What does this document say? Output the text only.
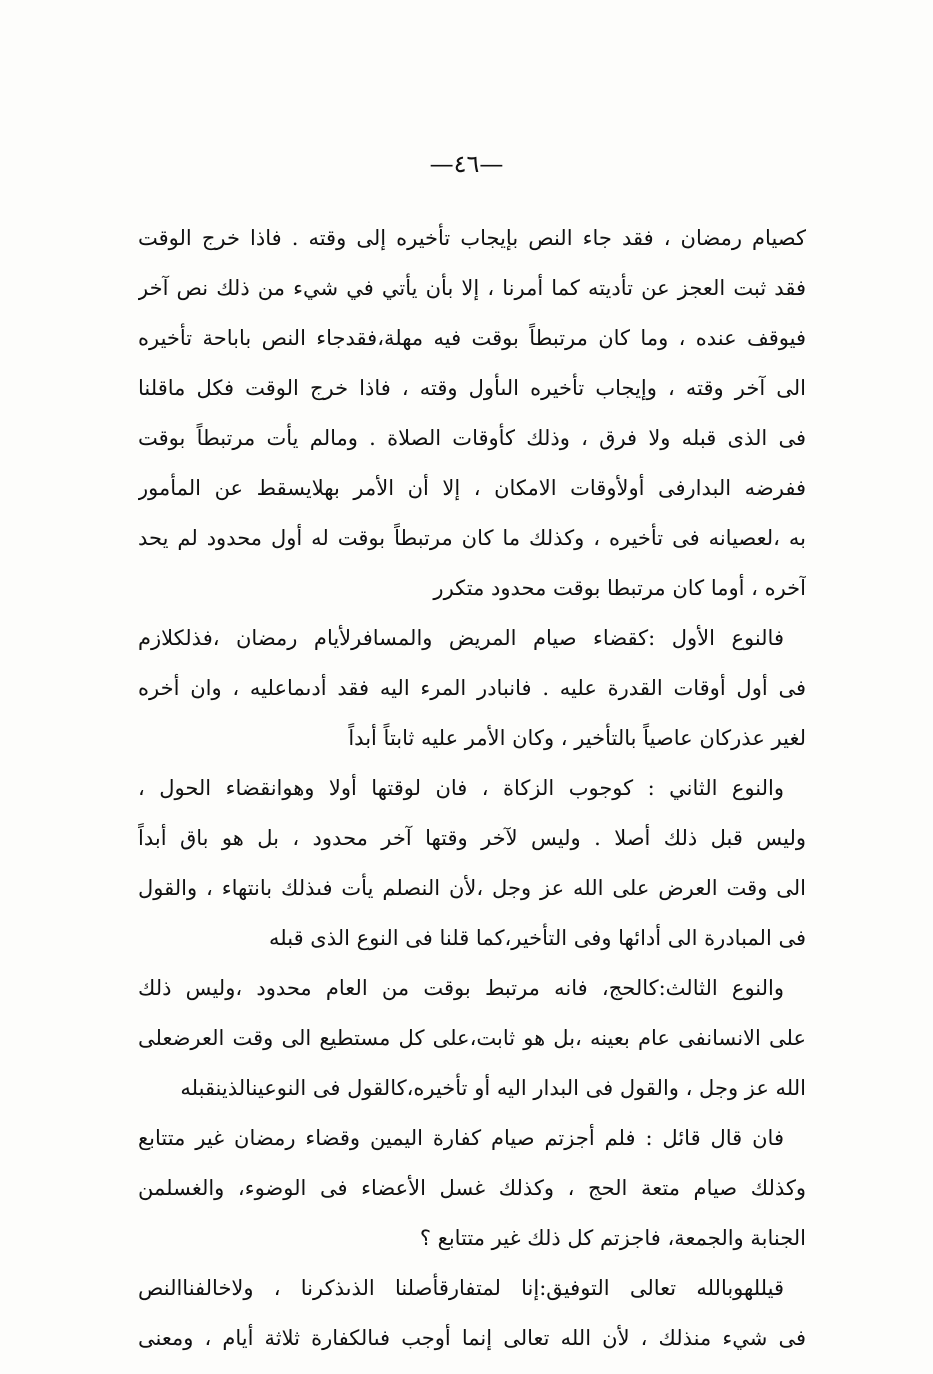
—٤٦—
كصيام رمضان ، فقد جاء النص بإيجاب تأخيره إلى وقته . فاذا خرج الوقت
فقد ثبت العجز عن تأديته كما أمرنا ، إلا بأن يأتي في شيء من ذلك نص آخر
فيوقف عنده ، وما كان مرتبطاً بوقت فيه مهلة،فقدجاء النص باباحة تأخيره
الى آخر وقته ، وإيجاب تأخيره الىأول وقته ، فاذا خرج الوقت فكل ماقلنا
فى الذى قبله ولا فرق ، وذلك كأوقات الصلاة . ومالم يأت مرتبطاً بوقت
ففرضه البدارفى أولأوقات الامكان ، إلا أن الأمر بهلايسقط عن المأمور
به ،لعصيانه فى تأخيره ، وكذلك ما كان مرتبطاً بوقت له أول محدود لم يحد
آخره ، أوما كان مرتبطا بوقت محدود متكرر
فالنوع الأول :كقضاء صيام المريض والمسافرلأيام رمضان ،فذلكلازم
فى أول أوقات القدرة عليه . فانبادر المرء اليه فقد أدىماعليه ، وان أخره
لغير عذركان عاصياً بالتأخير ، وكان الأمر عليه ثابتاً أبداً
والنوع الثاني : كوجوب الزكاة ، فان لوقتها أولا وهوانقضاء الحول ،
وليس قبل ذلك أصلا . وليس لآخر وقتها آخر محدود ، بل هو باق أبداً
الى وقت العرض على الله عز وجل ،لأن النصلم يأت فىذلك بانتهاء ، والقول
فى المبادرة الى أدائها وفى التأخير،كما قلنا فى النوع الذى قبله
والنوع الثالث:كالحج، فانه مرتبط بوقت من العام محدود ،وليس ذلك
على الانسانفى عام بعينه ،بل هو ثابت،على كل مستطيع الى وقت العرضعلى
الله عز وجل ، والقول فى البدار اليه أو تأخيره،كالقول فى النوعينالذينقبله
فان قال قائل : فلم أجزتم صيام كفارة اليمين وقضاء رمضان غير متتابع
وكذلك صيام متعة الحج ، وكذلك غسل الأعضاء فى الوضوء، والغسلمن
الجنابة والجمعة، فاجزتم كل ذلك غير متتابع ؟
قيللهوبالله تعالى التوفيق:إنا لمتفارقأصلنا الذىذكرنا ، ولاخالفناالنص
فى شيء منذلك ، لأن الله تعالى إنما أوجب فىالكفارة ثلاثة أيام ، ومعنى
